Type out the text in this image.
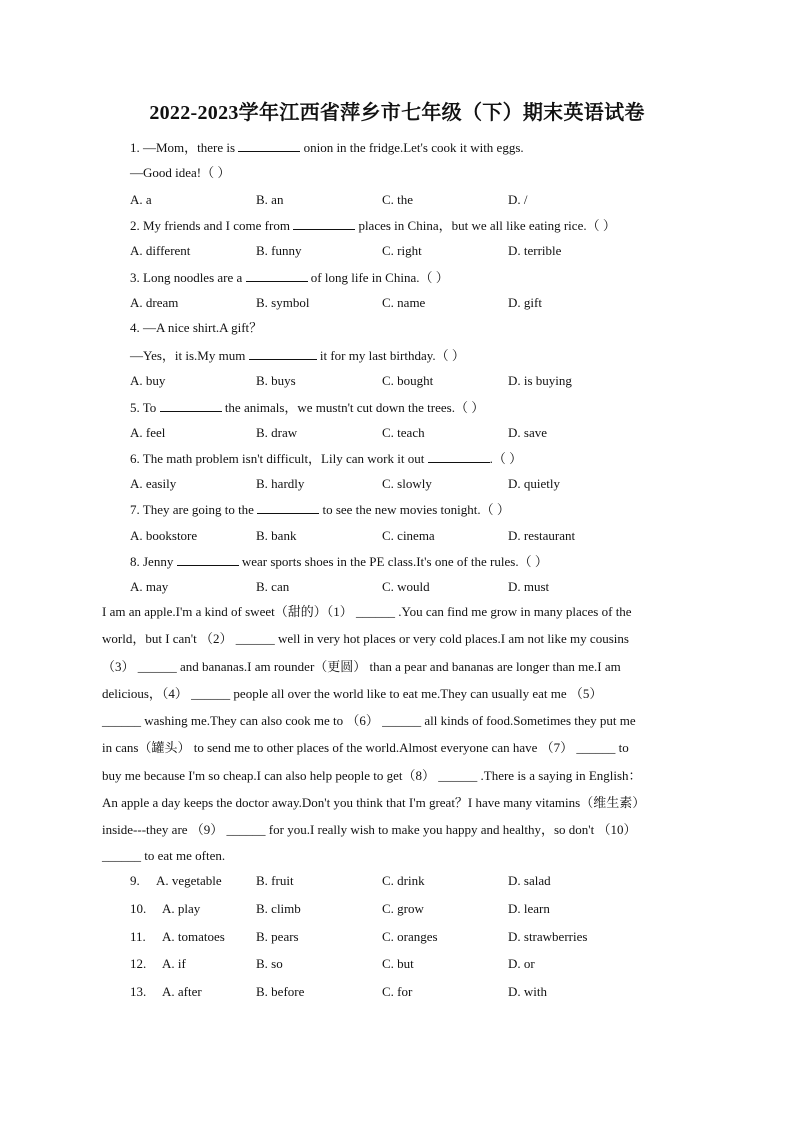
2022-2023学年江西省萍乡市七年级（下）期末英语试卷
1. —Mom，there is	onion in the fridge.Let's cook it with eggs.
—Good idea!（ ）
A. a	B. an	C. the	D. /
2. My friends and I come from	places in China，but we all like eating rice.（ ）
A. different	B. funny	C. right	D. terrible
3. Long noodles are a	of long life in China.（ ）
A. dream	B. symbol	C. name	D. gift
4. —A nice shirt.A gift？
—Yes，it is.My mum	it for my last birthday.（ ）
A. buy	B. buys	C. bought	D. is buying
5. To	the animals，we mustn't cut down the trees.（ ）
A. feel	B. draw	C. teach	D. save
6. The math problem isn't difficult，Lily can work it out	.（ ）
A. easily	B. hardly	C. slowly	D. quietly
7. They are going to the	to see the new movies tonight.（ ）
A. bookstore	B. bank	C. cinema	D. restaurant
8. Jenny	wear sports shoes in the PE class.It's one of the rules.（ ）
A. may	B. can	C. would	D. must
I am an apple.I'm a kind of sweet（甜的）（1） ______ .You can find me grow in many places of the
world，but I can't （2） ______ well in very hot places or very cold places.I am not like my cousins
（3） ______ and bananas.I am rounder（更圆） than a pear and bananas are longer than me.I am
delicious，（4） ______ people all over the world like to eat me.They can usually eat me （5）
______ washing me.They can also cook me to （6） ______ all kinds of food.Sometimes they put me
in cans（罐头） to send me to other places of the world.Almost everyone can have （7） ______ to
buy me because I'm so cheap.I can also help people to get（8） ______ .There is a saying in English：
An apple a day keeps the doctor away.Don't you think that I'm great？I have many vitamins（维生素）
inside---they are （9） ______ for you.I really wish to make you happy and healthy，so don't （10）
______ to eat me often.
9. A. vegetable	B. fruit	C. drink	D. salad
10. A. play	B. climb	C. grow	D. learn
11. A. tomatoes B. pears	C. oranges	D. strawberries
12. A. if	B. so	C. but	D. or
13. A. after	B. before	C. for	D. with
